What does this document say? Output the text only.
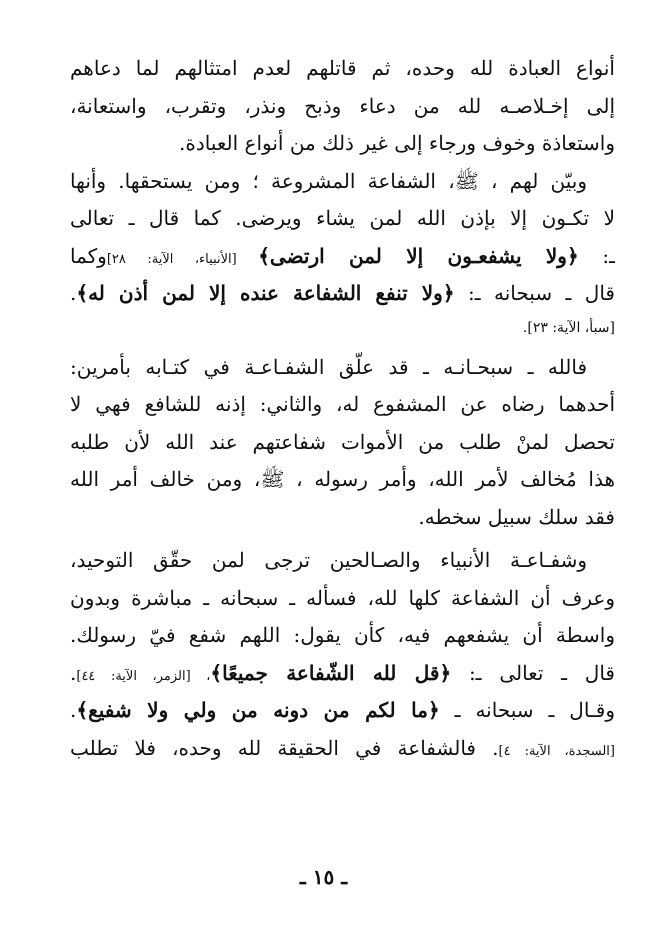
أنواع العبادة لله وحده، ثم قاتلهم لعدم امتثالهم لما دعاهم
إلى إخـلاصـه لله من دعاء وذبح ونذر، وتقرب، واستعانة،
واستعاذة وخوف ورجاء إلى غير ذلك من أنواع العبادة.
وبيّن لهم ، ﷺ، الشفاعة المشروعة ؛ ومن يستحقها. وأنها
لا تكـون إلا بإذن الله لمن يشاء ويرضى. كما قال ـ تعالى
ـ: ﴿ولا يشفعـون إلا لمن ارتضى﴾ [الأنبياء، الآية: ٢٨]وكما
قال ـ سبحانه ـ: ﴿ولا تنفع الشفاعة عنده إلا لمن أذن له﴾.
[سبأ، الآية: ٢٣].
فالله ـ سبحـانـه ـ قد علّق الشفـاعـة في كتـابه بأمرين:
أحدهما رضاه عن المشفوع له، والثاني: إذنه للشافع فهي لا
تحصل لمنْ طلب من الأموات شفاعتهم عند الله لأن طلبه
هذا مُخالف لأمر الله، وأمر رسوله ، ﷺ، ومن خالف أمر الله
فقد سلك سبيل سخطه.
وشفـاعـة الأنبياء والصـالحين ترجى لمن حقّق التوحيد،
وعرف أن الشفاعة كلها لله، فسأله ـ سبحانه ـ مباشرة وبدون
واسطة أن يشفعهم فيه، كأن يقول: اللهم شفع فيّ رسولك.
قال ـ تعالى ـ: ﴿قل لله الشّفاعة جميعًا﴾، [الزمر، الآية: ٤٤].
وقـال ـ سبحانه ـ ﴿ما لكم من دونه من ولي ولا شفيع﴾.
[السجدة، الآية: ٤]. فالشفاعة في الحقيقة لله وحده، فلا تطلب
ـ ١٥ ـ
